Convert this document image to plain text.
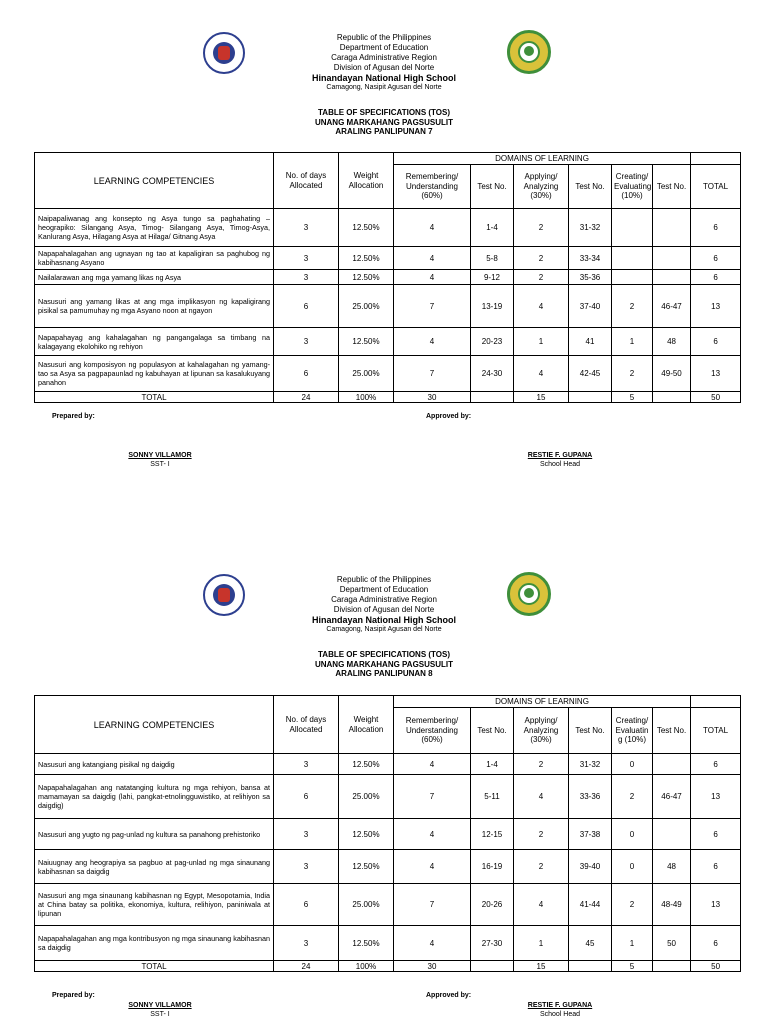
Republic of the Philippines
Department of Education
Caraga Administrative Region
Division of Agusan del Norte
Hinandayan National High School
Camagong, Nasipit Agusan del Norte
TABLE OF SPECIFICATIONS (TOS)
UNANG MARKAHANG PAGSUSULIT
ARALING PANLIPUNAN 7
LEARNING COMPETENCIES	No. of days Allocated	Weight Allocation	DOMAINS OF LEARNING						
			Remembering/ Understanding (60%)	Test No.	Applying/ Analyzing (30%)	Test No.	Creating/ Evaluating (10%)	Test No.	TOTAL
Naipapaliwanag ang konsepto ng Asya tungo sa paghahating – heograpiko: Silangang Asya, Timog- Silangang Asya, Timog-Asya, Kanlurang Asya, Hilagang Asya at Hilaga/ Gitnang Asya	3	12.50%	4	1-4	2	31-32			6
Napapahalagahan ang ugnayan ng tao at kapaligiran sa paghubog ng kabihasnang Asyano	3	12.50%	4	5-8	2	33-34			6
Nailalarawan ang mga yamang likas ng Asya	3	12.50%	4	9-12	2	35-36			6
Nasusuri ang yamang likas at ang mga implikasyon ng kapaligirang pisikal sa pamumuhay ng mga Asyano noon at ngayon	6	25.00%	7	13-19	4	37-40	2	46-47	13
Napapahayag ang kahalagahan ng pangangalaga sa timbang na kalagayang ekolohiko ng rehiyon	3	12.50%	4	20-23	1	41	1	48	6
Nasusuri ang komposisyon ng populasyon at kahalagahan ng yamang-tao sa Asya sa pagpapaunlad ng kabuhayan at lipunan sa kasalukuyang panahon	6	25.00%	7	24-30	4	42-45	2	49-50	13
TOTAL	24	100%	30		15		5		50
Prepared by:
SONNY VILLAMOR
SST- I
Approved by:
RESTIE F. GUPANA
School Head
Republic of the Philippines
Department of Education
Caraga Administrative Region
Division of Agusan del Norte
Hinandayan National High School
Camagong, Nasipit Agusan del Norte
TABLE OF SPECIFICATIONS (TOS)
UNANG MARKAHANG PAGSUSULIT
ARALING PANLIPUNAN 8
LEARNING COMPETENCIES	No. of days Allocated	Weight Allocation	DOMAINS OF LEARNING						
			Remembering/ Understanding (60%)	Test No.	Applying/ Analyzing (30%)	Test No.	Creating/ Evaluatin g (10%)	Test No.	TOTAL
Nasusuri ang katangiang pisikal ng daigdig	3	12.50%	4	1-4	2	31-32	0		6
Napapahalagahan ang natatanging kultura ng mga rehiyon, bansa at mamamayan sa daigdig (lahi, pangkat-etnolingguwistiko, at relihiyon sa daigdig)	6	25.00%	7	5-11	4	33-36	2	46-47	13
Nasusuri ang yugto ng pag-unlad ng kultura sa panahong prehistoriko	3	12.50%	4	12-15	2	37-38	0		6
Naiuugnay ang heograpiya sa pagbuo at pag-unlad ng mga sinaunang kabihasnan sa daigdig	3	12.50%	4	16-19	2	39-40	0	48	6
Nasusuri ang mga sinaunang kabihasnan ng Egypt, Mesopotamia, India at China batay sa politika, ekonomiya, kultura, relihiyon, paniniwala at lipunan	6	25.00%	7	20-26	4	41-44	2	48-49	13
Napapahalagahan ang mga kontribusyon ng mga sinaunang kabihasnan sa daigdig	3	12.50%	4	27-30	1	45	1	50	6
TOTAL	24	100%	30		15		5		50
Prepared by:
SONNY VILLAMOR
SST- I
Approved by:
RESTIE F. GUPANA
School Head
